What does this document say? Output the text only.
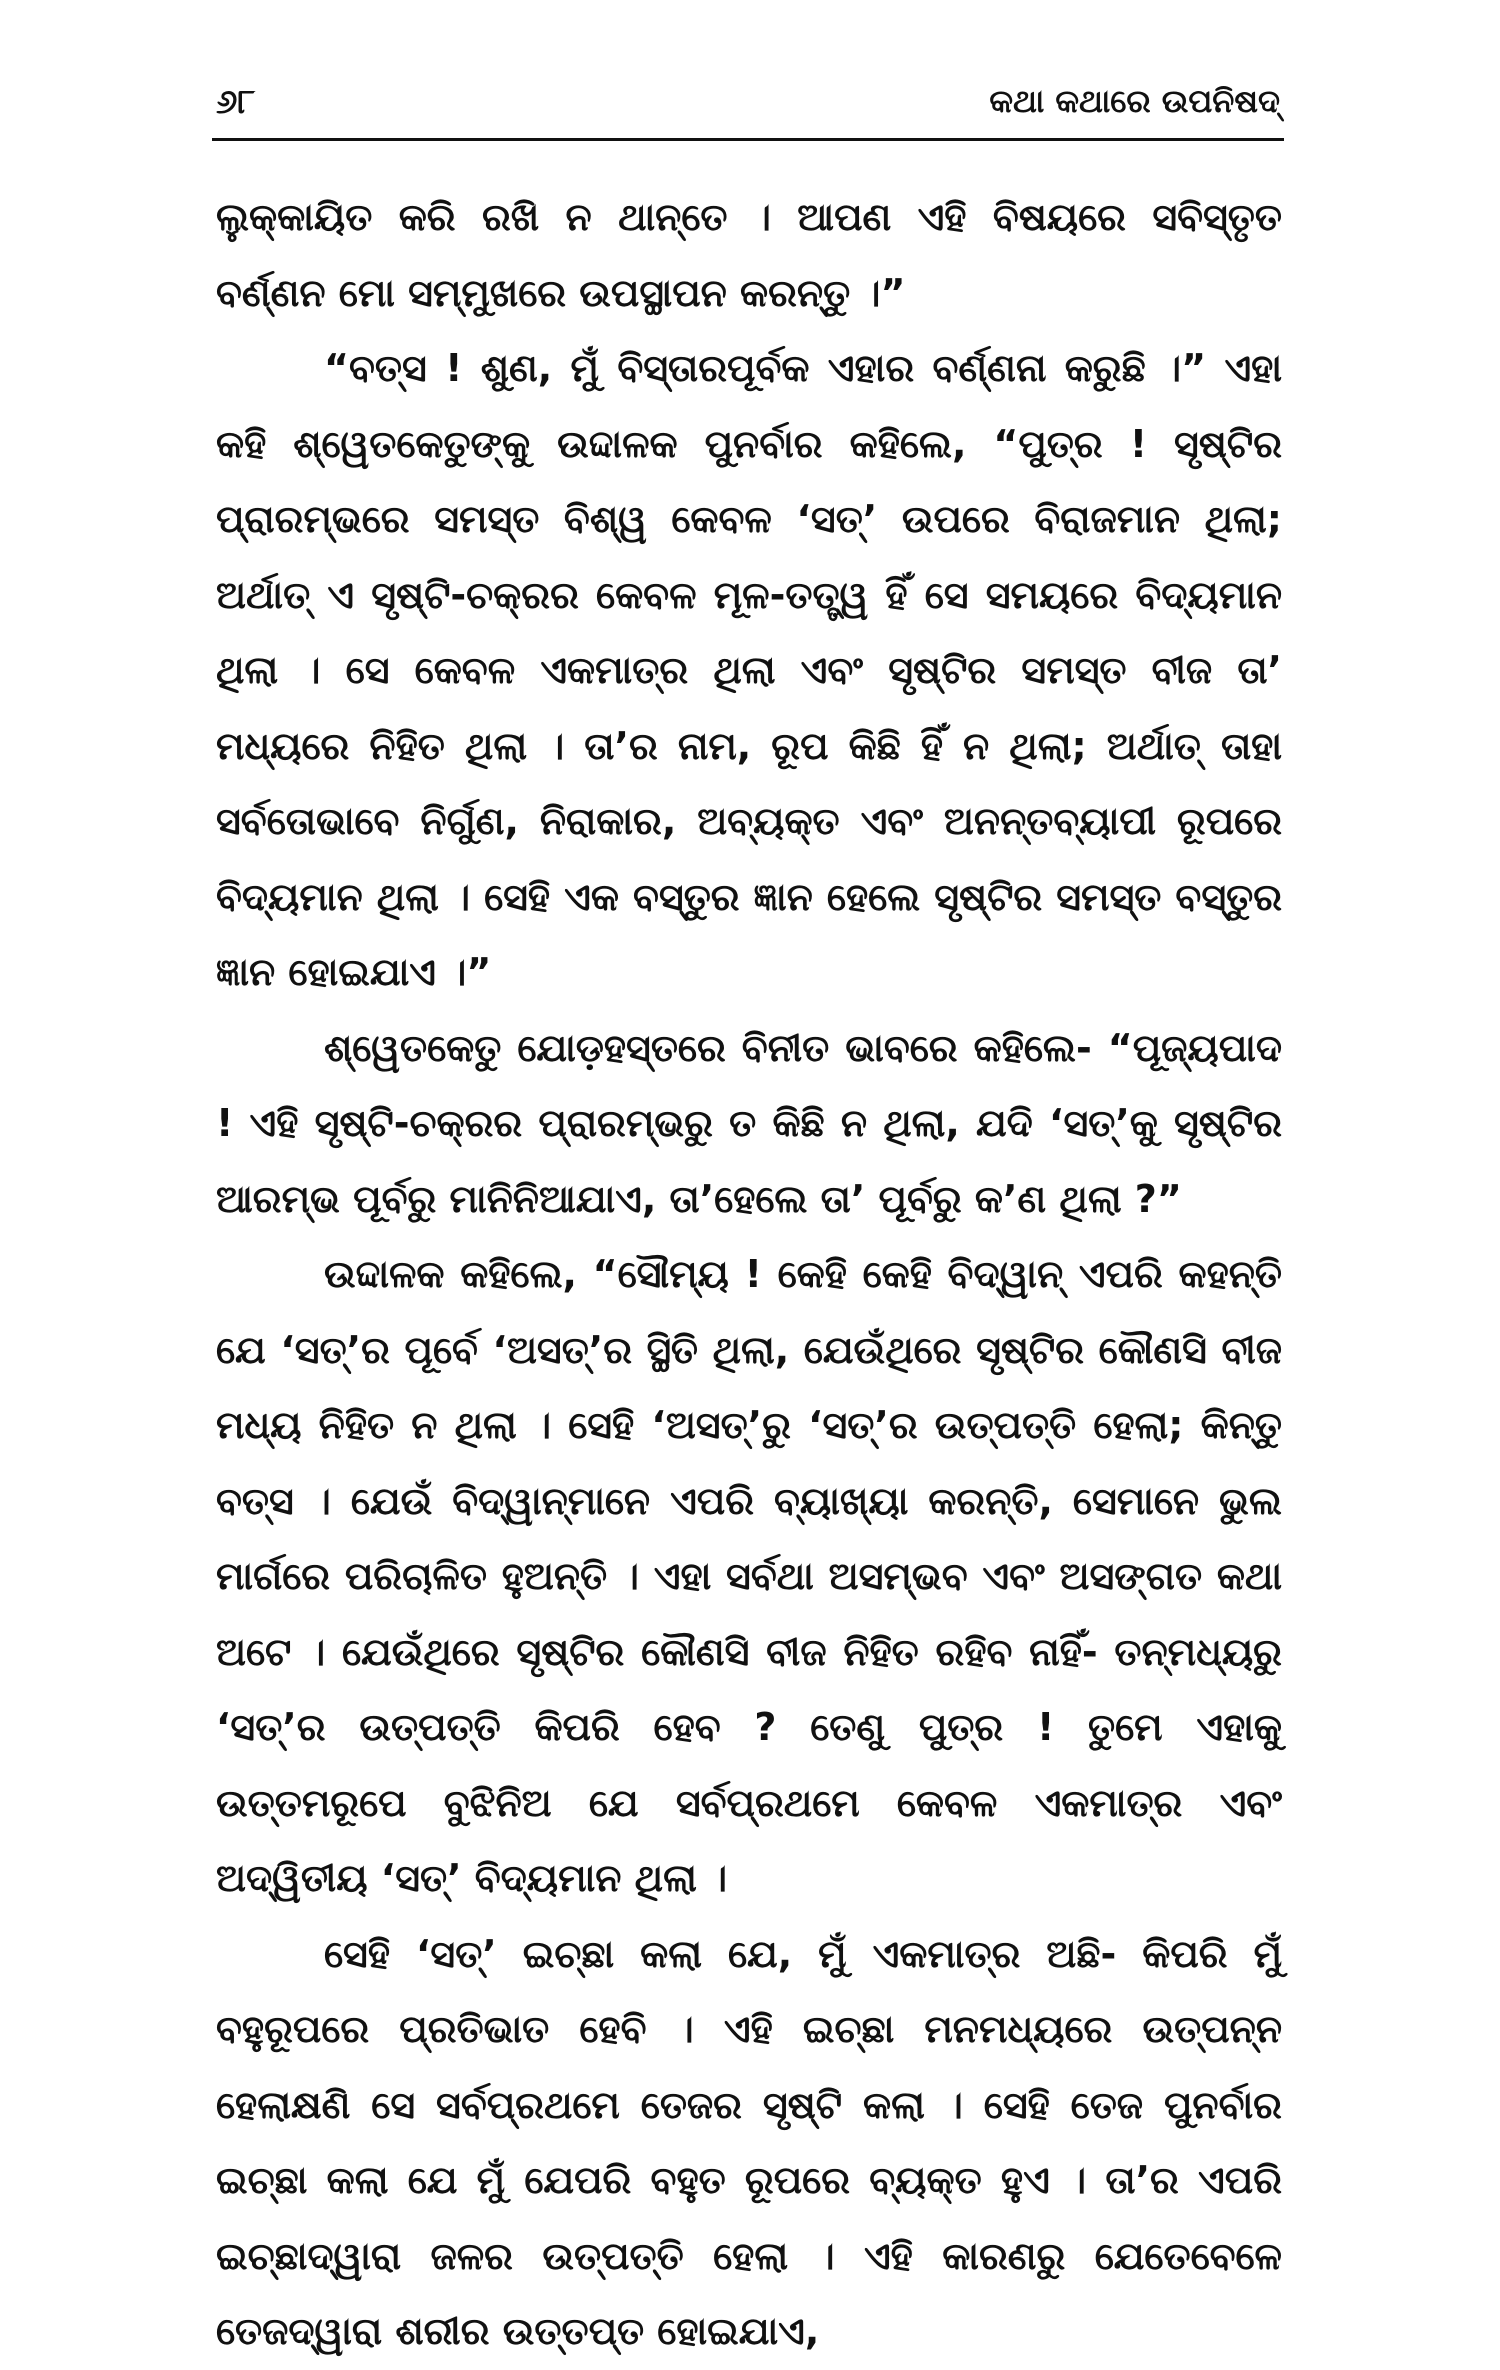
୬୮	କଥା କଥାରେ ଉପନିଷଦ୍

ଲୁକ୍‌କାୟିତ କରି ରଖି ନ ଥାନ୍ତେ । ଆପଣ ଏହି ବିଷୟରେ ସବିସ୍ତୃତ ବର୍ଣ୍ଣନ ମୋ ସମ୍ମୁଖରେ ଉପସ୍ଥାପନ କରନ୍ତୁ ।”

“ବତ୍ସ ! ଶୁଣ, ମୁଁ ବିସ୍ତାରପୂର୍ବକ ଏହାର ବର୍ଣ୍ଣନା କରୁଛି ।” ଏହା କହି ଶ୍ୱେତକେତୁଙ୍କୁ ଉଦ୍ଦାଳକ ପୁନର୍ବାର କହିଲେ, “ପୁତ୍ର ! ସୃଷ୍ଟିର ପ୍ରାରମ୍ଭରେ ସମସ୍ତ ବିଶ୍ୱ କେବଳ ‘ସତ୍’ ଉପରେ ବିରାଜମାନ ଥିଲା; ଅର୍ଥାତ୍ ଏ ସୃଷ୍ଟି-ଚକ୍ରର କେବଳ ମୂଳ-ତତ୍ତ୍ୱ ହିଁ ସେ ସମୟରେ ବିଦ୍ୟମାନ ଥିଲା । ସେ କେବଳ ଏକମାତ୍ର ଥିଲା ଏବଂ ସୃଷ୍ଟିର ସମସ୍ତ ବୀଜ ତା’ ମଧ୍ୟରେ ନିହିତ ଥିଲା । ତା’ର ନାମ, ରୂପ କିଛି ହିଁ ନ ଥିଲା; ଅର୍ଥାତ୍ ତାହା ସର୍ବତୋଭାବେ ନିର୍ଗୁଣ, ନିରାକାର, ଅବ୍ୟକ୍ତ ଏବଂ ଅନନ୍ତବ୍ୟାପୀ ରୂପରେ ବିଦ୍ୟମାନ ଥିଲା । ସେହି ଏକ ବସ୍ତୁର ଜ୍ଞାନ ହେଲେ ସୃଷ୍ଟିର ସମସ୍ତ ବସ୍ତୁର ଜ୍ଞାନ ହୋଇଯାଏ ।”

ଶ୍ୱେତକେତୁ ଯୋଡ଼ହସ୍ତରେ ବିନୀତ ଭାବରେ କହିଲେ- “ପୂଜ୍ୟପାଦ ! ଏହି ସୃଷ୍ଟି-ଚକ୍ରର ପ୍ରାରମ୍ଭରୁ ତ କିଛି ନ ଥିଲା, ଯଦି ‘ସତ୍’କୁ ସୃଷ୍ଟିର ଆରମ୍ଭ ପୂର୍ବରୁ ମାନିନିଆଯାଏ, ତା’ହେଲେ ତା’ ପୂର୍ବରୁ କ’ଣ ଥିଲା ?”

ଉଦ୍ଦାଳକ କହିଲେ, “ସୌମ୍ୟ ! କେହି କେହି ବିଦ୍ୱାନ୍ ଏପରି କହନ୍ତି ଯେ ‘ସତ୍’ର ପୂର୍ବେ ‘ଅସତ୍’ର ସ୍ଥିତି ଥିଲା, ଯେଉଁଥିରେ ସୃଷ୍ଟିର କୌଣସି ବୀଜ ମଧ୍ୟ ନିହିତ ନ ଥିଲା । ସେହି ‘ଅସତ୍’ରୁ ‘ସତ୍’ର ଉତ୍ପତ୍ତି ହେଲା; କିନ୍ତୁ ବତ୍ସ । ଯେଉଁ ବିଦ୍ୱାନ୍‌ମାନେ ଏପରି ବ୍ୟାଖ୍ୟା କରନ୍ତି, ସେମାନେ ଭୁଲ ମାର୍ଗରେ ପରିଚାଳିତ ହୁଅନ୍ତି । ଏହା ସର୍ବଥା ଅସମ୍ଭବ ଏବଂ ଅସଙ୍ଗତ କଥା ଅଟେ । ଯେଉଁଥିରେ ସୃଷ୍ଟିର କୌଣସି ବୀଜ ନିହିତ ରହିବ ନାହିଁ- ତନ୍ମଧ୍ୟରୁ ‘ସତ୍’ର ଉତ୍ପତ୍ତି କିପରି ହେବ ? ତେଣୁ ପୁତ୍ର ! ତୁମେ ଏହାକୁ ଉତ୍ତମରୂପେ ବୁଝିନିଅ ଯେ ସର୍ବପ୍ରଥମେ କେବଳ ଏକମାତ୍ର ଏବଂ ଅଦ୍ୱିତୀୟ ‘ସତ୍’ ବିଦ୍ୟମାନ ଥିଲା ।

ସେହି ‘ସତ୍’ ଇଚ୍ଛା କଲା ଯେ, ମୁଁ ଏକମାତ୍ର ଅଛି- କିପରି ମୁଁ ବହୁରୂପରେ ପ୍ରତିଭାତ ହେବି । ଏହି ଇଚ୍ଛା ମନମଧ୍ୟରେ ଉତ୍ପନ୍ନ ହେଲାକ୍ଷଣି ସେ ସର୍ବପ୍ରଥମେ ତେଜର ସୃଷ୍ଟି କଲା । ସେହି ତେଜ ପୁନର୍ବାର ଇଚ୍ଛା କଲା ଯେ ମୁଁ ଯେପରି ବହୁତ ରୂପରେ ବ୍ୟକ୍ତ ହୁଏ । ତା’ର ଏପରି ଇଚ୍ଛାଦ୍ୱାରା ଜଳର ଉତ୍ପତ୍ତି ହେଲା । ଏହି କାରଣରୁ ଯେତେବେଳେ ତେଜଦ୍ୱାରା ଶରୀର ଉତ୍ତପ୍ତ ହୋଇଯାଏ,
